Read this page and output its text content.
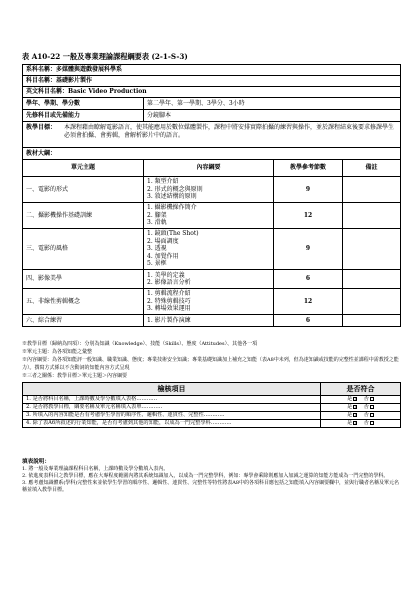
表 A10-22 一般及專業理論課程綱要表 (2-1-S-3)
系科名稱：多媒體與遊戲發展科學系			
科目名稱：基礎影片製作			
英文科目名稱：Basic Video Production			
學年、學期、學分數	第二學年、第一學期、3學分、3小時		
先修科目或先備能力	分鏡腳本		

教學目標： 本課程藉由瞭解電影語言，使其能應用於數位媒體製作，課程中將安排實際拍攝的練習與操作，並於課程結束後要求修課學生必須會拍攝、會剪輯，會解析影片中的語言。			

教材大綱：			
單元主題	內容綱要	教學參考節數	備註
一、電影的形式	1. 類型介紹
2. 形式的概念與原則
3. 敘述結構的原則	9	
二、攝影機操作基礎訓練	1. 攝影機操作簡介
2. 腳架
3. 滑軌	12	
三、電影的風格	1. 鏡頭(The Shot)
2. 場面調度
3. 透視
4. 加覺作用
5. 景框	9	
四、影像美學	1. 美學的定義
2. 影像語言分析	6	
五、非線性剪輯概念	1. 剪輯流程介紹
2. 特殊剪輯技巧
3. 轉場效果運用	12	
六、綜合練習	1. 影片製作演練	6	
※教學目標（歸納為四項）：分別為知識（Knowledge）、技能（Skills）、態度（Attitudes）、其他各一項
※單元主題：為各項知能之彙整
※內容綱要：為各項知能評一般知識、職業知識、態度；專業技術安全知識；專業基礎知識加上補充之知能（表A8中未列，但為達知識或技能的完整性並課程中需教授之能力）。撰寫方式係以不含動詞的知能內容方式呈現
※三者之關係：教學目標＞單元主題＞內容綱要
檢核項目	是否符合
1. 是否將科目名稱，上課時數及學分數填入表格…………	是 ✓ 否
2. 是否將教學目標，綱要名稱及單元名稱填入表單…………	是 ✓ 否
3. 所填入的內容知能是否有考慮學生學習的順序性、邏輯性、連貫性、完整性…………	是 ✓ 否
4. 除了表A6所敘述的行業知能，是否有考慮到其他的知能，以成為一門完整學科…………	是 ✓ 否
填表說明：
1. 將一般及專業理論課程科目名稱，上課時數及學分數填入表內。
2. 依進度表科目之教學目標，應在大專程度範圍內將其系統知識加入，以成為一門完整學科，例如：專學會乘除則應加入加減之運算的知能方能成為一門完整的學科。
3. 應考慮知識體系(學科)完整性來並依學生學習的順序性、邏輯性、連貫性、完整性等特性將表A8中的各項科目應包括之知能填入內容綱要欄中，並與行職者名稱及單元名稱並填入教學目標。
